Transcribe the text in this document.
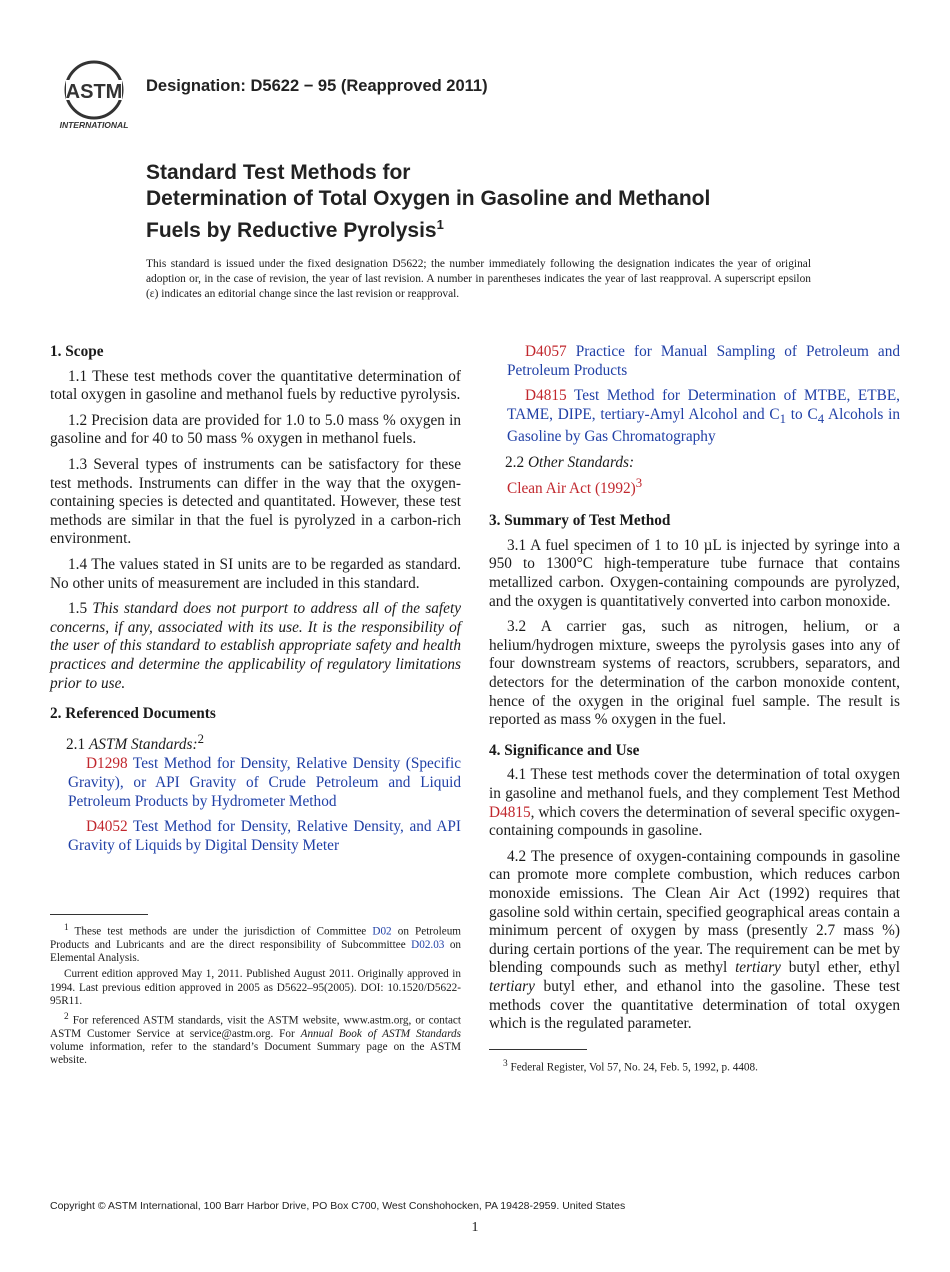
ASTM
INTERNATIONAL
Designation: D5622 − 95 (Reapproved 2011)
Standard Test Methods for
Determination of Total Oxygen in Gasoline and Methanol
Fuels by Reductive Pyrolysis$^1$
This standard is issued under the fixed designation D5622; the number immediately following the designation indicates the year of original adoption or, in the case of revision, the year of last revision. A number in parentheses indicates the year of last reapproval. A superscript epsilon (ε) indicates an editorial change since the last revision or reapproval.
1. Scope

1.1 These test methods cover the quantitative determination of total oxygen in gasoline and methanol fuels by reductive pyrolysis.

1.2 Precision data are provided for 1.0 to 5.0 mass % oxygen in gasoline and for 40 to 50 mass % oxygen in methanol fuels.

1.3 Several types of instruments can be satisfactory for these test methods. Instruments can differ in the way that the oxygen-containing species is detected and quantitated. However, these test methods are similar in that the fuel is pyrolyzed in a carbon-rich environment.

1.4 The values stated in SI units are to be regarded as standard. No other units of measurement are included in this standard.

1.5 This standard does not purport to address all of the safety concerns, if any, associated with its use. It is the responsibility of the user of this standard to establish appropriate safety and health practices and determine the applicability of regulatory limitations prior to use.

2. Referenced Documents

2.1 ASTM Standards:$^2$

D1298 Test Method for Density, Relative Density (Specific Gravity), or API Gravity of Crude Petroleum and Liquid Petroleum Products by Hydrometer Method

D4052 Test Method for Density, Relative Density, and API Gravity of Liquids by Digital Density Meter

$^1$ These test methods are under the jurisdiction of Committee D02 on Petroleum Products and Lubricants and are the direct responsibility of Subcommittee D02.03 on Elemental Analysis.

Current edition approved May 1, 2011. Published August 2011. Originally approved in 1994. Last previous edition approved in 2005 as D5622–95(2005). DOI: 10.1520/D5622-95R11.

$^2$ For referenced ASTM standards, visit the ASTM website, www.astm.org, or contact ASTM Customer Service at service@astm.org. For Annual Book of ASTM Standards volume information, refer to the standard’s Document Summary page on the ASTM website.

D4057 Practice for Manual Sampling of Petroleum and Petroleum Products

D4815 Test Method for Determination of MTBE, ETBE, TAME, DIPE, tertiary-Amyl Alcohol and $C_1$ to $C_4$ Alcohols in Gasoline by Gas Chromatography

2.2 Other Standards:

Clean Air Act $(1992)^3$

3. Summary of Test Method

3.1 A fuel specimen of 1 to 10 µL is injected by syringe into a 950 to 1300°C high-temperature tube furnace that contains metallized carbon. Oxygen-containing compounds are pyrolyzed, and the oxygen is quantitatively converted into carbon monoxide.

3.2 A carrier gas, such as nitrogen, helium, or a helium/hydrogen mixture, sweeps the pyrolysis gases into any of four downstream systems of reactors, scrubbers, separators, and detectors for the determination of the carbon monoxide content, hence of the oxygen in the original fuel sample. The result is reported as mass % oxygen in the fuel.

4. Significance and Use

4.1 These test methods cover the determination of total oxygen in gasoline and methanol fuels, and they complement Test Method D4815, which covers the determination of several specific oxygen-containing compounds in gasoline.

4.2 The presence of oxygen-containing compounds in gasoline can promote more complete combustion, which reduces carbon monoxide emissions. The Clean Air Act (1992) requires that gasoline sold within certain, specified geographical areas contain a minimum percent of oxygen by mass (presently 2.7 mass %) during certain portions of the year. The requirement can be met by blending compounds such as methyl tertiary butyl ether, ethyl tertiary butyl ether, and ethanol into the gasoline. These test methods cover the quantitative determination of total oxygen which is the regulated parameter.

$^3$ Federal Register, Vol 57, No. 24, Feb. 5, 1992, p. 4408.

Copyright © ASTM International, 100 Barr Harbor Drive, PO Box C700, West Conshohocken, PA 19428-2959. United States
1
